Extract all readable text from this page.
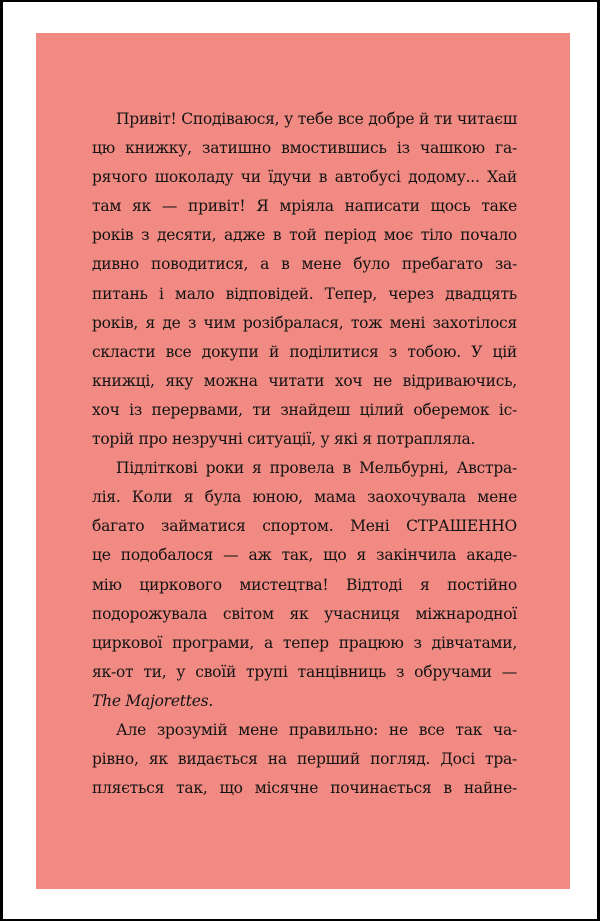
Привіт! Сподіваюся, у тебе все добре й ти читаєш
цю книжку, затишно вмостившись із чашкою га-
рячого шоколаду чи їдучи в автобусі додому... Хай
там як — привіт! Я мріяла написати щось таке
років з десяти, адже в той період моє тіло почало
дивно поводитися, а в мене було пребагато за-
питань і мало відповідей. Тепер, через двадцять
років, я де з чим розібралася, тож мені захотілося
скласти все докупи й поділитися з тобою. У цій
книжці, яку можна читати хоч не відриваючись,
хоч із перервами, ти знайдеш цілий оберемок іс-
торій про незручні ситуації, у які я потрапляла.
Підліткові роки я провела в Мельбурні, Австра-
лія. Коли я була юною, мама заохочувала мене
багато займатися спортом. Мені СТРАШЕННО
це подобалося — аж так, що я закінчила акаде-
мію циркового мистецтва! Відтоді я постійно
подорожувала світом як учасниця міжнародної
циркової програми, а тепер працюю з дівчатами,
як-от ти, у своїй трупі танцівниць з обручами —
The Majorettes.
Але зрозумій мене правильно: не все так ча-
рівно, як видається на перший погляд. Досі тра-
пляється так, що місячне починається в найне-
